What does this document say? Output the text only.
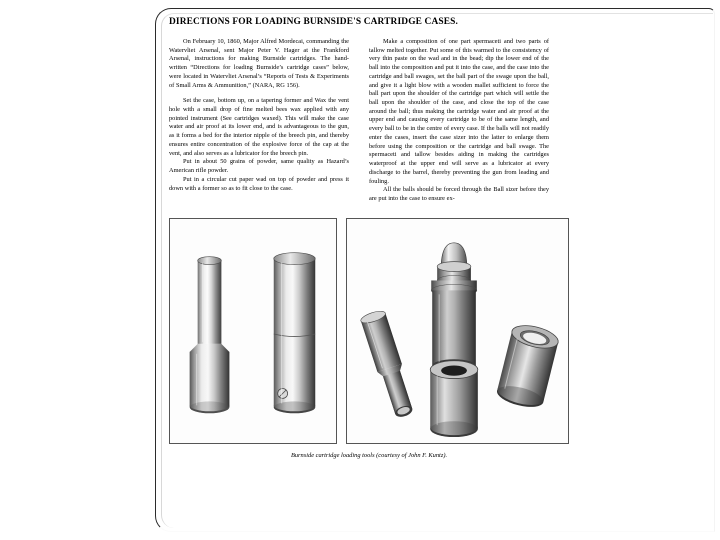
DIRECTIONS FOR LOADING BURNSIDE'S CARTRIDGE CASES.

On February 10, 1860, Major Alfred Mordecai, commanding the Watervliet Arsenal, sent Major Peter V. Hager at the Frankford Arsenal, instructions for making Burnside cartridges. The hand-written “Directions for loading Burnside’s cartridge cases” below, were located in Watervliet Arsenal’s “Reports of Tests & Experiments of Small Arms & Ammunition,” (NARA, RG 156).

Set the case, bottom up, on a tapering former and Wax the vent hole with a small drop of fine melted bees wax applied with any pointed instrument (See cartridges waxed). This will make the case water and air proof at its lower end, and is advantageous to the gun, as it forms a bed for the interior nipple of the breech pin, and thereby ensures entire concentration of the explosive force of the cap at the vent, and also serves as a lubricator for the breech pin.

Put in about 50 grains of powder, same quality as Hazard’s American rifle powder.

Put in a circular cut paper wad on top of powder and press it down with a former so as to fit close to the case.

Make a composition of one part spermaceti and two parts of tallow melted together. Put some of this warmed to the consistency of very thin paste on the wad and in the bead; dip the lower end of the ball into the composition and put it into the case, and the case into the cartridge and ball swages, set the ball part of the swage upon the ball, and give it a light blow with a wooden mallet sufficient to force the ball part upon the shoulder of the cartridge part which will settle the ball upon the shoulder of the case, and close the top of the case around the ball; thus making the cartridge water and air proof at the upper end and causing every cartridge to be of the same length, and every ball to be in the centre of every case. If the balls will not readily enter the cases, insert the case sizer into the latter to enlarge them before using the composition or the cartridge and ball swage. The spermaceti and tallow besides aiding in making the cartridges waterproof at the upper end will serve as a lubricator at every discharge to the barrel, thereby preventing the gun from leading and fouling.

All the balls should be forced through the Ball sizer before they are put into the case to ensure ex-

Burnside cartridge loading tools (courtesy of John F. Kuntz).
